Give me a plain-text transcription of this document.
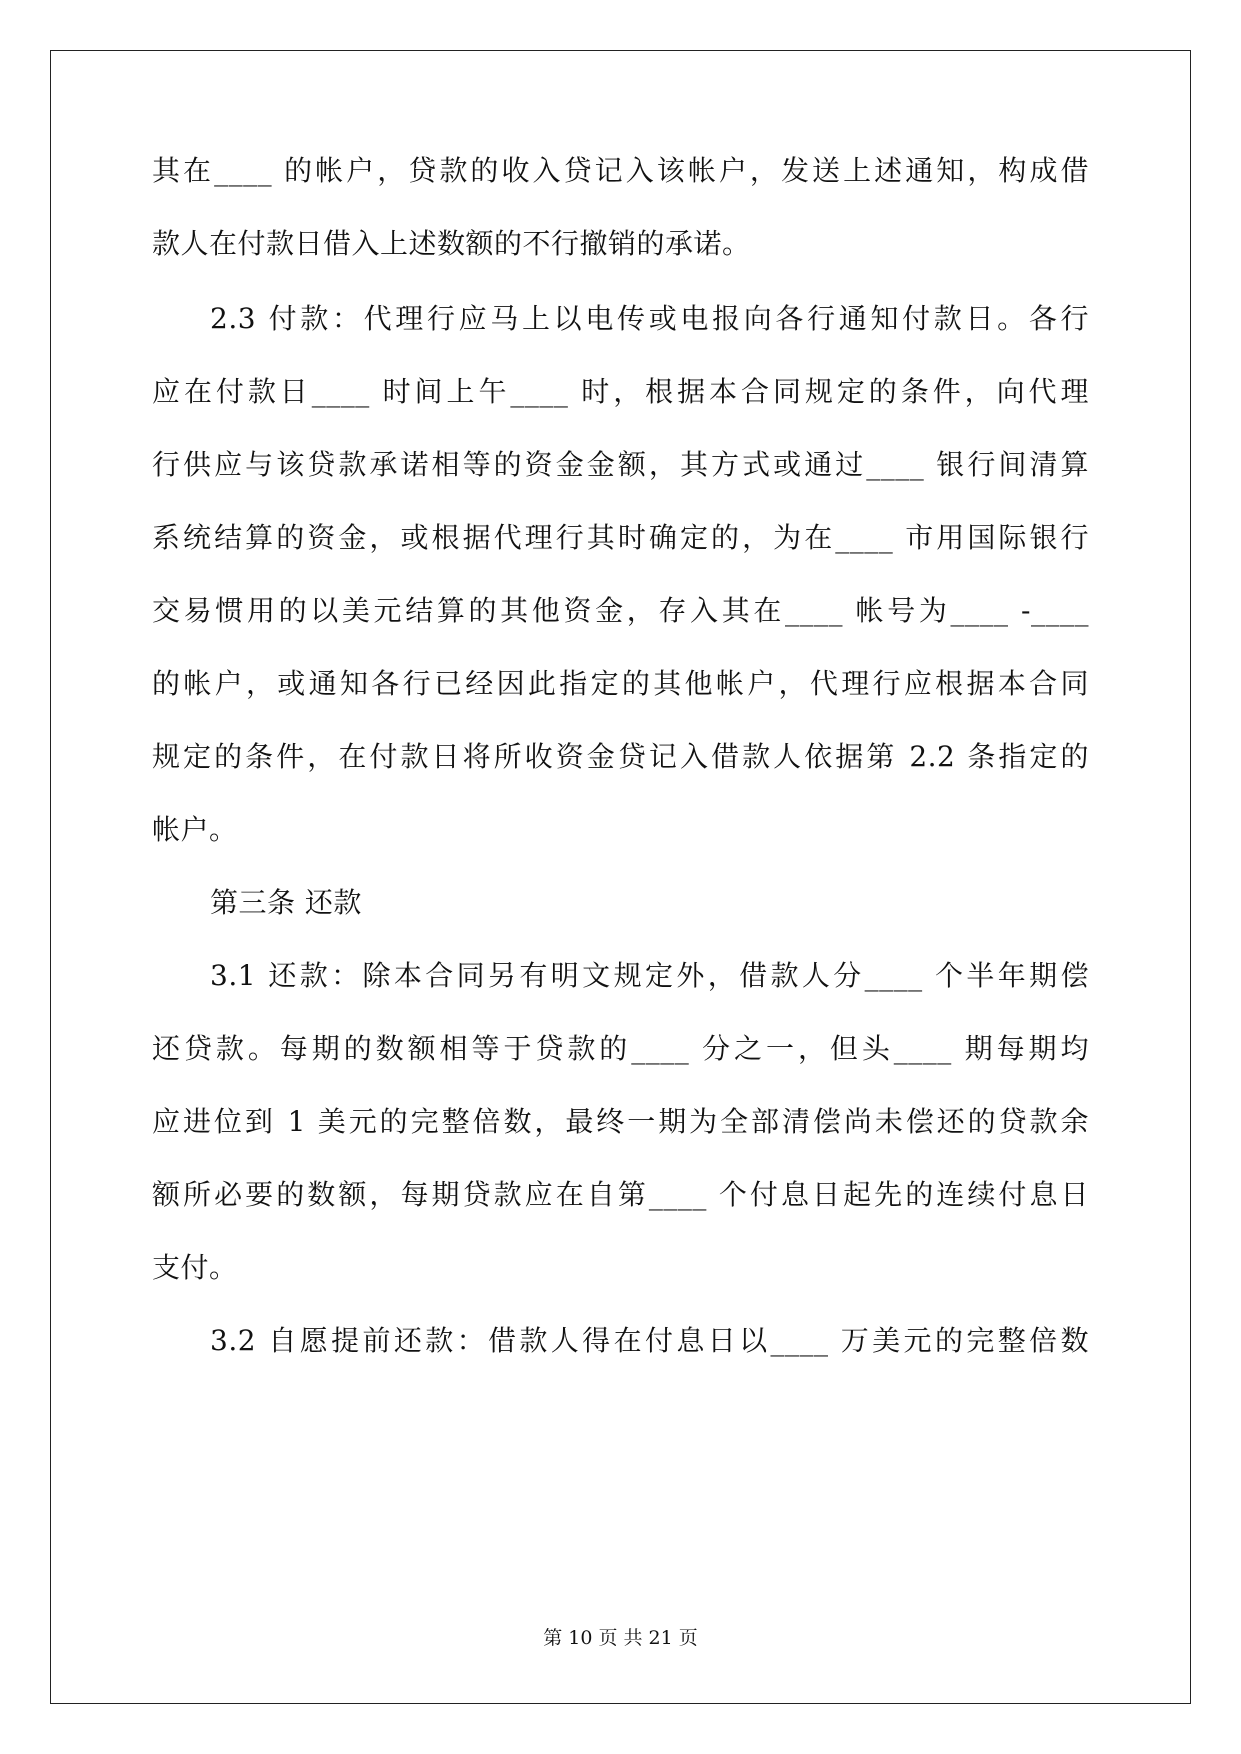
其在____ 的帐户，贷款的收入贷记入该帐户，发送上述通知，构成借
款人在付款日借入上述数额的不行撤销的承诺。
2.3 付款：代理行应马上以电传或电报向各行通知付款日。各行
应在付款日____ 时间上午____ 时，根据本合同规定的条件，向代理
行供应与该贷款承诺相等的资金金额，其方式或通过____ 银行间清算
系统结算的资金，或根据代理行其时确定的，为在____ 市用国际银行
交易惯用的以美元结算的其他资金，存入其在____ 帐号为____ -____
的帐户，或通知各行已经因此指定的其他帐户，代理行应根据本合同
规定的条件，在付款日将所收资金贷记入借款人依据第 2.2 条指定的
帐户。
第三条 还款
3.1 还款：除本合同另有明文规定外，借款人分____ 个半年期偿
还贷款。每期的数额相等于贷款的____ 分之一，但头____ 期每期均
应进位到 1 美元的完整倍数，最终一期为全部清偿尚未偿还的贷款余
额所必要的数额，每期贷款应在自第____ 个付息日起先的连续付息日
支付。
3.2 自愿提前还款：借款人得在付息日以____ 万美元的完整倍数
第 10 页 共 21 页
